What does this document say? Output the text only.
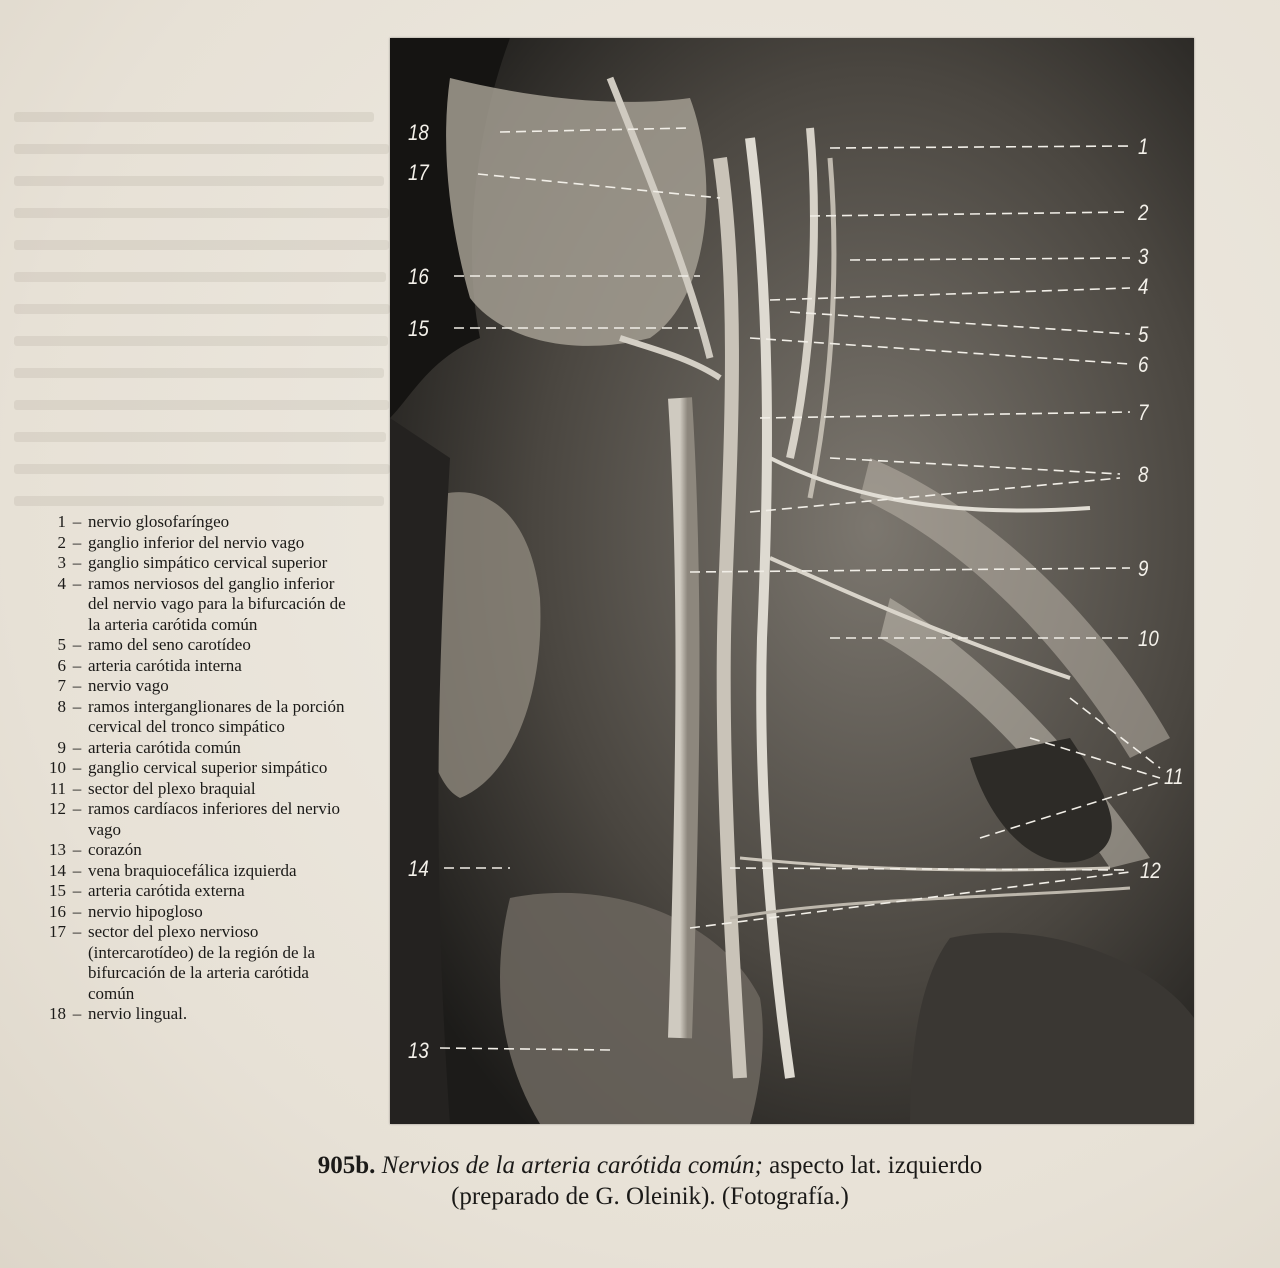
18
17
16
15
14
13
1
2
3
4
5
6
7
8
9
10
11
12
1 – nervio glosofaríngeo
2 – ganglio inferior del nervio vago
3 – ganglio simpático cervical superior
4 – ramos nerviosos del ganglio inferior del nervio vago para la bifurcación de la arteria carótida común
5 – ramo del seno carotídeo
6 – arteria carótida interna
7 – nervio vago
8 – ramos interganglionares de la porción cervical del tronco simpático
9 – arteria carótida común
10 – ganglio cervical superior simpático
11 – sector del plexo braquial
12 – ramos cardíacos inferiores del nervio vago
13 – corazón
14 – vena braquiocefálica izquierda
15 – arteria carótida externa
16 – nervio hipogloso
17 – sector del plexo nervioso (intercarotídeo) de la región de la bifurcación de la arteria carótida común
18 – nervio lingual.
905b. Nervios de la arteria carótida común; aspecto lat. izquierdo
(preparado de G. Oleinik). (Fotografía.)
